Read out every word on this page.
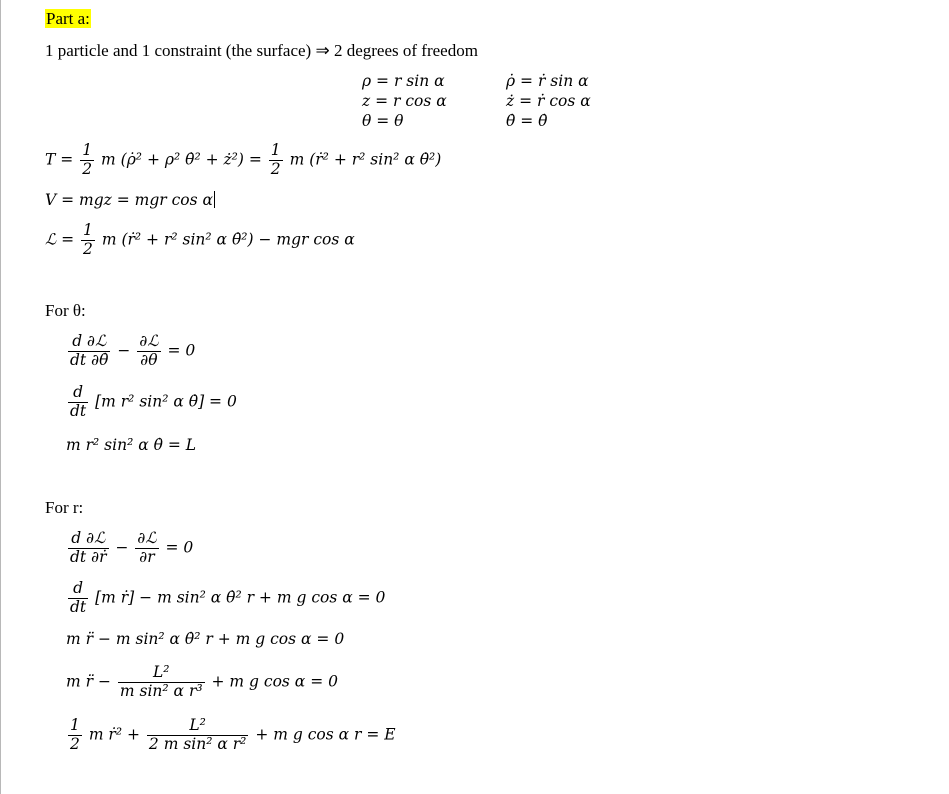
Part a:
1 particle and 1 constraint (the surface) ⇒ 2 degrees of freedom
ρ = r sin α
z = r cos α
θ = θ
ρ̇ = ṙ sin α
ż = ṙ cos α
θ̇ = θ̇
$T = \frac{1}{2}$ m (ρ̇² + ρ² θ̇² + ż²) = $\frac{1}{2}$ m (ṙ² + r² sin² α θ̇²)
V = mgz = mgr cos α
ℒ = $\frac{1}{2}$ m (ṙ² + r² sin² α θ̇²) − mgr cos α
For θ:
$\frac{\text{d ∂ℒ}}{dt \partial\thetȧ} - \frac{\text{∂ℒ}}{\partial\theta} = 0$
$\frac{d}{dt} [m$ r² sin² α θ̇] = 0
m r² sin² α θ̇ = L
For r:
$\frac{\text{d ∂ℒ}}{\text{dt ∂ṙ}} - \frac{\text{∂ℒ}}{\partial r} = 0$
$\frac{d}{dt} [m$ ṙ] − m sin² α θ̇² r + m g cos α = 0
m r̈ − m sin² α θ̇² r + m g cos α = 0
m r̈ − $\frac{\text{L²}}{\text{m sin² α r³}} + m$ g cos α = 0
$\frac{1}{2}$ m ṙ² + $\frac{\text{L²}}{\text{2 m sin² α r²}} + m$ g cos α r = E
